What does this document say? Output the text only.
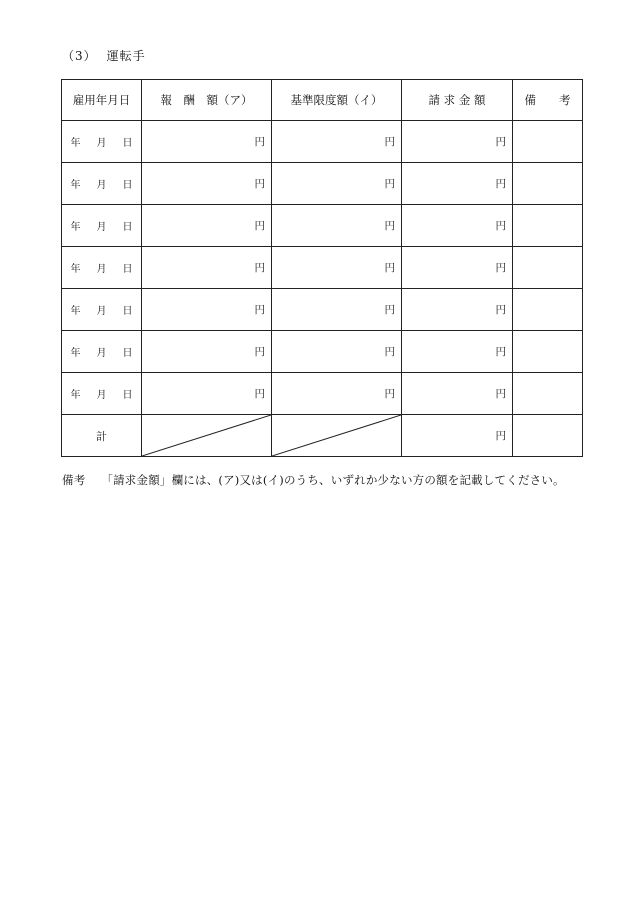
（3） 運転手
雇用年月日	報　酬　額（ア）	基準限度額（イ）	請 求 金 額	備　　考
年 月 日	円	円	円	
年 月 日	円	円	円	
年 月 日	円	円	円	
年 月 日	円	円	円	
年 月 日	円	円	円	
年 月 日	円	円	円	
年 月 日	円	円	円	
計			円	
備考 「請求金額」欄には、(ア)又は(イ)のうち、いずれか少ない方の額を記載してください。
